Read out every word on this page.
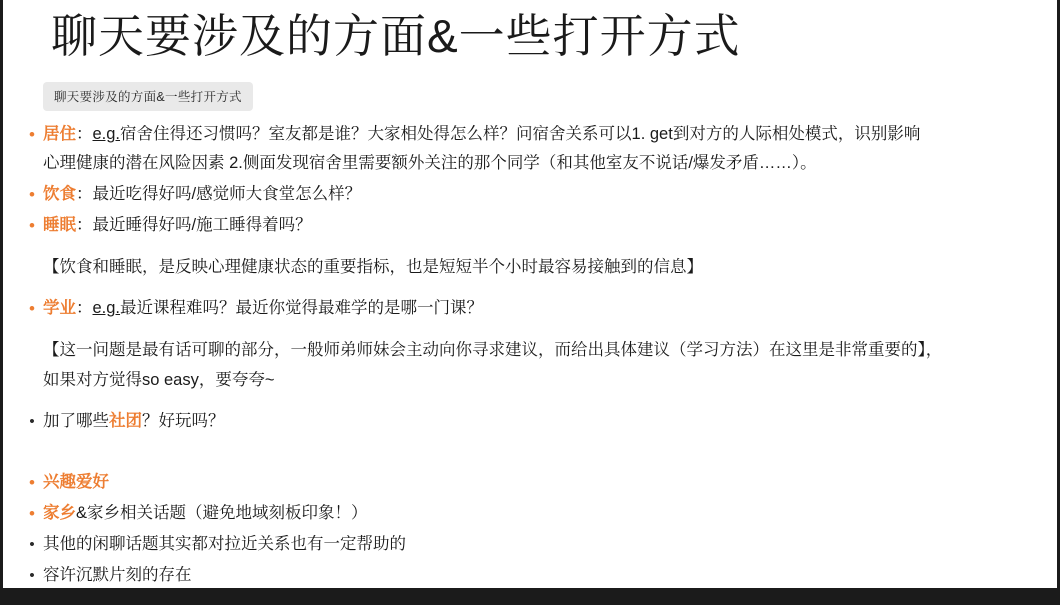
聊天要涉及的方面&一些打开方式
聊天要涉及的方面&一些打开方式
• 居住：e.g.宿舍住得还习惯吗？室友都是谁？大家相处得怎么样？问宿舍关系可以1. get到对方的人际相处模式，识别影响
心理健康的潜在风险因素 2.侧面发现宿舍里需要额外关注的那个同学（和其他室友不说话/爆发矛盾……）。
• 饮食：最近吃得好吗/感觉师大食堂怎么样？
• 睡眠：最近睡得好吗/施工睡得着吗？
【饮食和睡眠，是反映心理健康状态的重要指标，也是短短半个小时最容易接触到的信息】
• 学业：e.g.最近课程难吗？最近你觉得最难学的是哪一门课？
【这一问题是最有话可聊的部分，一般师弟师妹会主动向你寻求建议，而给出具体建议（学习方法）在这里是非常重要的】，
如果对方觉得so easy，要夸夸~
• 加了哪些社团？好玩吗？
• 兴趣爱好
• 家乡&家乡相关话题（避免地域刻板印象！）
• 其他的闲聊话题其实都对拉近关系也有一定帮助的
• 容许沉默片刻的存在
